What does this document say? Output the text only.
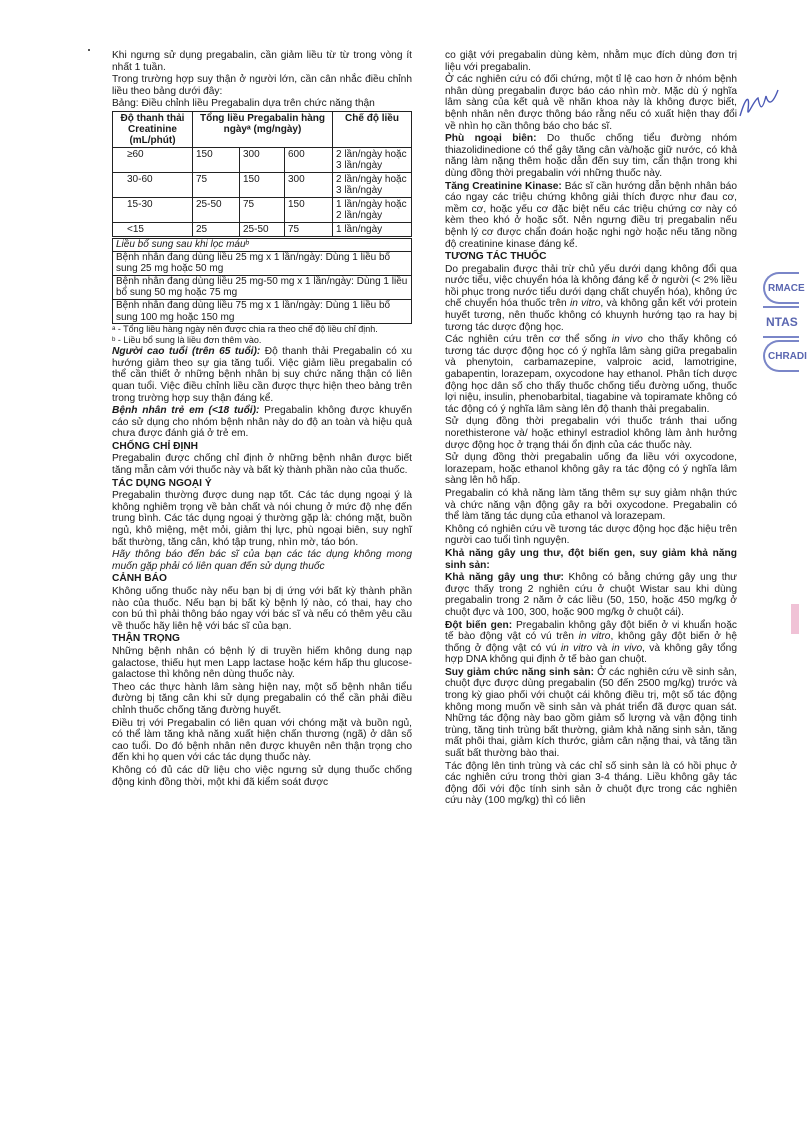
Khi ngưng sử dụng pregabalin, cần giảm liều từ từ trong vòng ít nhất 1 tuần.

Trong trường hợp suy thận ở người lớn, cần cân nhắc điều chỉnh liều theo bảng dưới đây:

Bảng: Điều chỉnh liều Pregabalin dựa trên chức năng thận

Độ thanh thải Creatinine (mL/phút)	Tổng liều Pregabalin hàng ngàyᵃ (mg/ngày)			Chế độ liều
≥60	150	300	600	2 lần/ngày hoặc 3 lần/ngày
30-60	75	150	300	2 lần/ngày hoặc 3 lần/ngày
15-30	25-50	75	150	1 lần/ngày hoặc 2 lần/ngày
<15	25	25-50	75	1 lần/ngày
Liều bổ sung sau khi lọc máuᵇ
Bệnh nhân đang dùng liều 25 mg x 1 lần/ngày: Dùng 1 liều bổ sung 25 mg hoặc 50 mg
Bệnh nhân đang dùng liều 25 mg-50 mg x 1 lần/ngày: Dùng 1 liều bổ sung 50 mg hoặc 75 mg
Bệnh nhân đang dùng liều 75 mg x 1 lần/ngày: Dùng 1 liều bổ sung 100 mg hoặc 150 mg

ᵃ - Tổng liều hàng ngày nên được chia ra theo chế độ liều chỉ định.

ᵇ - Liều bổ sung là liều đơn thêm vào.

Người cao tuổi (trên 65 tuổi): Độ thanh thải Pregabalin có xu hướng giảm theo sự gia tăng tuổi. Việc giảm liều pregabalin có thể cần thiết ở những bệnh nhân bị suy chức năng thận có liên quan tuổi. Việc điều chỉnh liều cần được thực hiện theo bảng trên trong trường hợp suy thận đáng kể.

Bệnh nhân trẻ em (<18 tuổi): Pregabalin không được khuyến cáo sử dụng cho nhóm bệnh nhân này do độ an toàn và hiệu quả chưa được đánh giá ở trẻ em.

CHỐNG CHỈ ĐỊNH

Pregabalin được chống chỉ định ở những bệnh nhân được biết tăng mẫn cảm với thuốc này và bất kỳ thành phần nào của thuốc.

TÁC DỤNG NGOẠI Ý

Pregabalin thường được dung nạp tốt. Các tác dụng ngoại ý là không nghiêm trọng về bản chất và nói chung ở mức độ nhẹ đến trung bình. Các tác dụng ngoại ý thường gặp là: chóng mặt, buồn ngủ, khô miệng, mệt mỏi, giảm thị lực, phù ngoại biên, suy nghĩ bất thường, tăng cân, khó tập trung, nhìn mờ, táo bón.

Hãy thông báo đến bác sĩ của bạn các tác dụng không mong muốn gặp phải có liên quan đến sử dụng thuốc

CẢNH BÁO

Không uống thuốc này nếu bạn bị dị ứng với bất kỳ thành phần nào của thuốc. Nếu bạn bị bất kỳ bệnh lý nào, có thai, hay cho con bú thì phải thông báo ngay với bác sĩ và nếu có thêm yêu cầu về thuốc hãy liên hệ với bác sĩ của bạn.

THẬN TRỌNG

Những bệnh nhân có bệnh lý di truyền hiếm không dung nạp galactose, thiếu hụt men Lapp lactase hoặc kém hấp thu glucose-galactose thì không nên dùng thuốc này.

Theo các thực hành lâm sàng hiện nay, một số bệnh nhân tiểu đường bị tăng cân khi sử dụng pregabalin có thể cần phải điều chỉnh thuốc chống tăng đường huyết.

Điều trị với Pregabalin có liên quan với chóng mặt và buồn ngủ, có thể làm tăng khả năng xuất hiện chấn thương (ngã) ở dân số cao tuổi. Do đó bệnh nhân nên được khuyên nên thận trọng cho đến khi họ quen với các tác dụng thuốc này.

Không có đủ các dữ liệu cho việc ngưng sử dụng thuốc chống động kinh đồng thời, một khi đã kiểm soát được

co giật với pregabalin dùng kèm, nhằm mục đích dùng đơn trị liệu với pregabalin.

Ở các nghiên cứu có đối chứng, một tỉ lệ cao hơn ở nhóm bệnh nhân dùng pregabalin được báo cáo nhìn mờ. Mặc dù ý nghĩa lâm sàng của kết quả về nhãn khoa này là không được biết, bệnh nhân nên được thông báo rằng nếu có xuất hiện thay đổi về nhìn họ cần thông báo cho bác sĩ.

Phù ngoại biên: Do thuốc chống tiểu đường nhóm thiazolidinedione có thể gây tăng cân và/hoặc giữ nước, có khả năng làm nặng thêm hoặc dẫn đến suy tim, cẩn thận trong khi dùng đồng thời pregabalin với những thuốc này.

Tăng Creatinine Kinase: Bác sĩ cần hướng dẫn bệnh nhân báo cáo ngay các triệu chứng không giải thích được như đau cơ, mềm cơ, hoặc yếu cơ đặc biệt nếu các triệu chứng cơ này có kèm theo khó ở hoặc sốt. Nên ngưng điều trị pregabalin nếu bệnh lý cơ được chẩn đoán hoặc nghi ngờ hoặc nếu tăng nồng độ creatinine kinase đáng kể.

TƯƠNG TÁC THUỐC

Do pregabalin được thải trừ chủ yếu dưới dạng không đổi qua nước tiểu, việc chuyển hóa là không đáng kể ở người (< 2% liều hồi phục trong nước tiểu dưới dạng chất chuyển hóa), không ức chế chuyển hóa thuốc trên in vitro, và không gắn kết với protein huyết tương, nên thuốc không có khuynh hướng tạo ra hay bị tương tác dược động học.

Các nghiên cứu trên cơ thể sống in vivo cho thấy không có tương tác dược động học có ý nghĩa lâm sàng giữa pregabalin và phenytoin, carbamazepine, valproic acid, lamotrigine, gabapentin, lorazepam, oxycodone hay ethanol. Phân tích dược động học dân số cho thấy thuốc chống tiểu đường uống, thuốc lợi niệu, insulin, phenobarbital, tiagabine và topiramate không có tác động có ý nghĩa lâm sàng lên độ thanh thải pregabalin.

Sử dụng đồng thời pregabalin với thuốc tránh thai uống norethisterone và/ hoặc ethinyl estradiol không làm ảnh hưởng dược động học ở trạng thái ổn định của các thuốc này.

Sử dụng đồng thời pregabalin uống đa liều với oxycodone, lorazepam, hoặc ethanol không gây ra tác động có ý nghĩa lâm sàng lên hô hấp.

Pregabalin có khả năng làm tăng thêm sự suy giảm nhận thức và chức năng vận động gây ra bởi oxycodone. Pregabalin có thể làm tăng tác dụng của ethanol và lorazepam.

Không có nghiên cứu về tương tác dược động học đặc hiệu trên người cao tuổi tình nguyện.

Khả năng gây ung thư, đột biến gen, suy giảm khả năng sinh sản:

Khả năng gây ung thư: Không có bằng chứng gây ung thư được thấy trong 2 nghiên cứu ở chuột Wistar sau khi dùng pregabalin trong 2 năm ở các liều (50, 150, hoặc 450 mg/kg ở chuột đực và 100, 300, hoặc 900 mg/kg ở chuột cái).

Đột biến gen: Pregabalin không gây đột biến ở vi khuẩn hoặc tế bào động vật có vú trên in vitro, không gây đột biến ở hệ thống ở động vật có vú in vitro và in vivo, và không gây tổng hợp DNA không qui định ở tế bào gan chuột.

Suy giảm chức năng sinh sản: Ở các nghiên cứu về sinh sản, chuột đực được dùng pregabalin (50 đến 2500 mg/kg) trước và trong kỳ giao phối với chuột cái không điều trị, một số tác động không mong muốn về sinh sản và phát triển đã được quan sát. Những tác động này bao gồm giảm số lượng và vận động tinh trùng, tăng tinh trùng bất thường, giảm khả năng sinh sản, tăng mất phôi thai, giảm kích thước, giảm cân nặng thai, và tăng tần suất bất thường bào thai.

Tác động lên tinh trùng và các chỉ số sinh sản là có hồi phục ở các nghiên cứu trong thời gian 3-4 tháng. Liều không gây tác động đối với độc tính sinh sản ở chuột đực trong các nghiên cứu này (100 mg/kg) thì có liên

RMACE
NTAS
CHRADI
